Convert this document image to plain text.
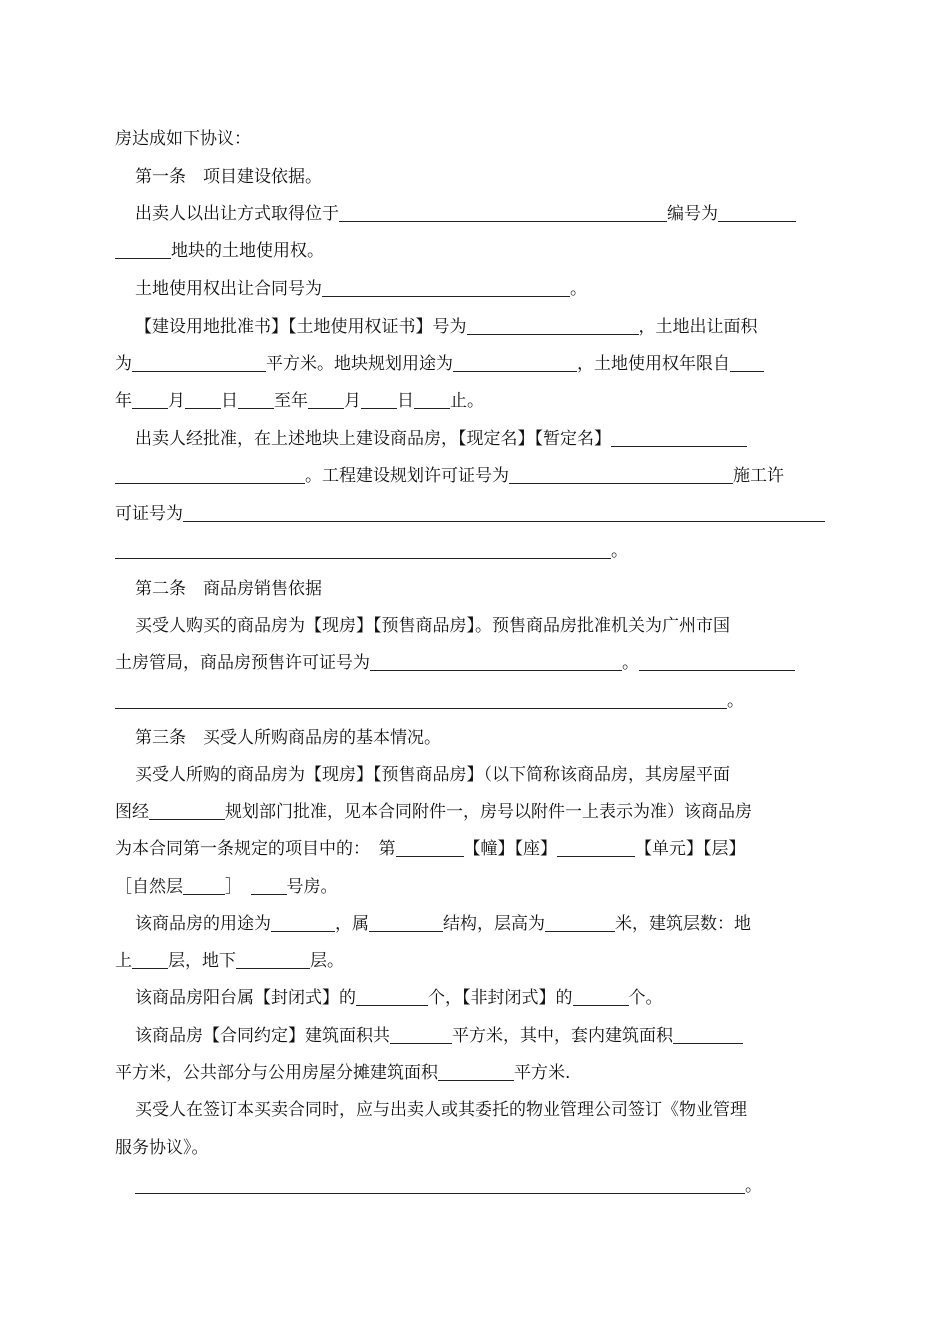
房达成如下协议：
第一条　项目建设依据。
出卖人以出让方式取得位于	编号为
地块的土地使用权。
土地使用权出让合同号为	。
【建设用地批准书】【土地使用权证书】号为	，土地出让面积
为	平方米。地块规划用途为	，土地使用权年限自
年 月 日 至年 月 日 止。
出卖人经批准，在上述地块上建设商品房，【现定名】【暂定名】
。工程建设规划许可证号为	施工许
可证号为
。
第二条　商品房销售依据
买受人购买的商品房为【现房】【预售商品房】。预售商品房批准机关为广州市国
土房管局，商品房预售许可证号为	。
。
第三条　买受人所购商品房的基本情况。
买受人所购的商品房为【现房】【预售商品房】（以下简称该商品房，其房屋平面
图经	规划部门批准，见本合同附件一，房号以附件一上表示为准）该商品房
为本合同第一条规定的项目中的：　第	【幢】【座】	【单元】【层】
［自然层 ］　号房。
该商品房的用途为	，属	结构，层高为	米，建筑层数：地
上 层，地下	层。
该商品房阳台属【封闭式】的	个，【非封闭式】的	个。
该商品房【合同约定】建筑面积共	平方米，其中，套内建筑面积
平方米，公共部分与公用房屋分摊建筑面积	平方米.
买受人在签订本买卖合同时，应与出卖人或其委托的物业管理公司签订《物业管理
服务协议》。
。
